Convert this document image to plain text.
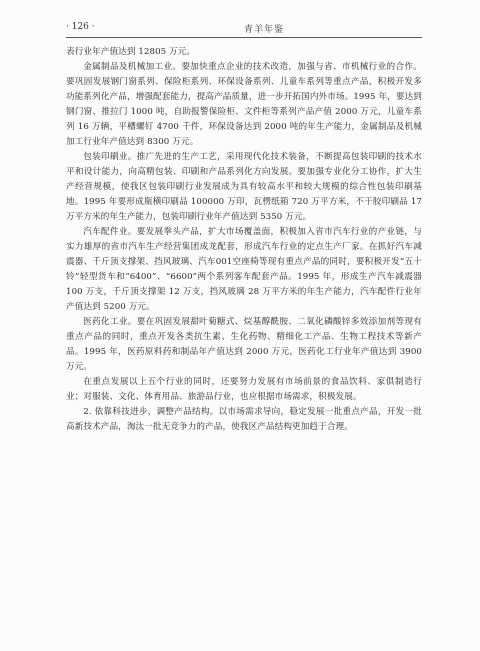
· 126 ·	青羊年鉴

表行业年产值达到 12805 万元。

金属制品及机械加工业。要加快重点企业的技术改造，加强与省、市机械行业的合作。要巩固发展钢门窗系列、保险柜系列、环保设备系列、儿童车系列等重点产品，积极开发多功能系列化产品，增强配套能力，提高产品质量，进一步开拓国内外市场。1995 年，要达到钢门窗、推拉门 1000 吨，自助报警保险柜、文件柜等系列产品产值 2000 万元，儿童车系列 16 万辆，平槽螺钉 4700 千件，环保设备达到 2000 吨的年生产能力，金属制品及机械加工行业年产值达到 8300 万元。

包装印刷业。推广先进的生产工艺，采用现代化技术装备，不断提高包装印刷的技术水平和设计能力，向高精包装、印刷和产品系列化方向发展。要加强专业化分工协作，扩大生产经营规模，使我区包装印刷行业发展成为具有较高水平和较大规模的综合性包装印刷基地。1995 年要形成瓶横印刷品 100000 万印，瓦楞纸箱 720 万平方米，不干胶印刷品 17 万平方米的年生产能力，包装印刷行业年产值达到 5350 万元。

汽车配件业。要发展拳头产品，扩大市场覆盖面，积极加入省市汽车行业的产业链，与实力雄厚的省市汽车生产经营集团成龙配套，形成汽车行业的定点生产厂家。在抓好汽车减震器、千斤顶支撑架、挡风玻璃、汽车001空座椅等现有重点产品的同时，要积极开发“五十铃”轻型货车和“6400”、“6600”两个系列客车配套产品。1995 年，形成生产汽车减震器 100 万支，千斤顶支撑架 12 万支，挡风玻璃 28 万平方米的年生产能力，汽车配件行业年产值达到 5200 万元。

医药化工业。要在巩固发展甜叶菊糖式、烷基醇酰胺、二氧化磷酸锌多效添加剂等现有重点产品的同时，重点开发各类抗生素、生化药物、精细化工产品、生物工程技术等新产品。1995 年，医药原料药和制品年产值达到 2000 万元，医药化工行业年产值达到 3900 万元。

在重点发展以上五个行业的同时，还要努力发展有市场前景的食品饮料、家俱制造行业；对服装、文化、体育用品、旅游品行业，也应根据市场需求，积极发展。

2. 依靠科技进步，调整产品结构。以市场需求导向，稳定发展一批重点产品，开发一批高新技术产品，淘汰一批无竞争力的产品，使我区产品结构更加趋于合理。
